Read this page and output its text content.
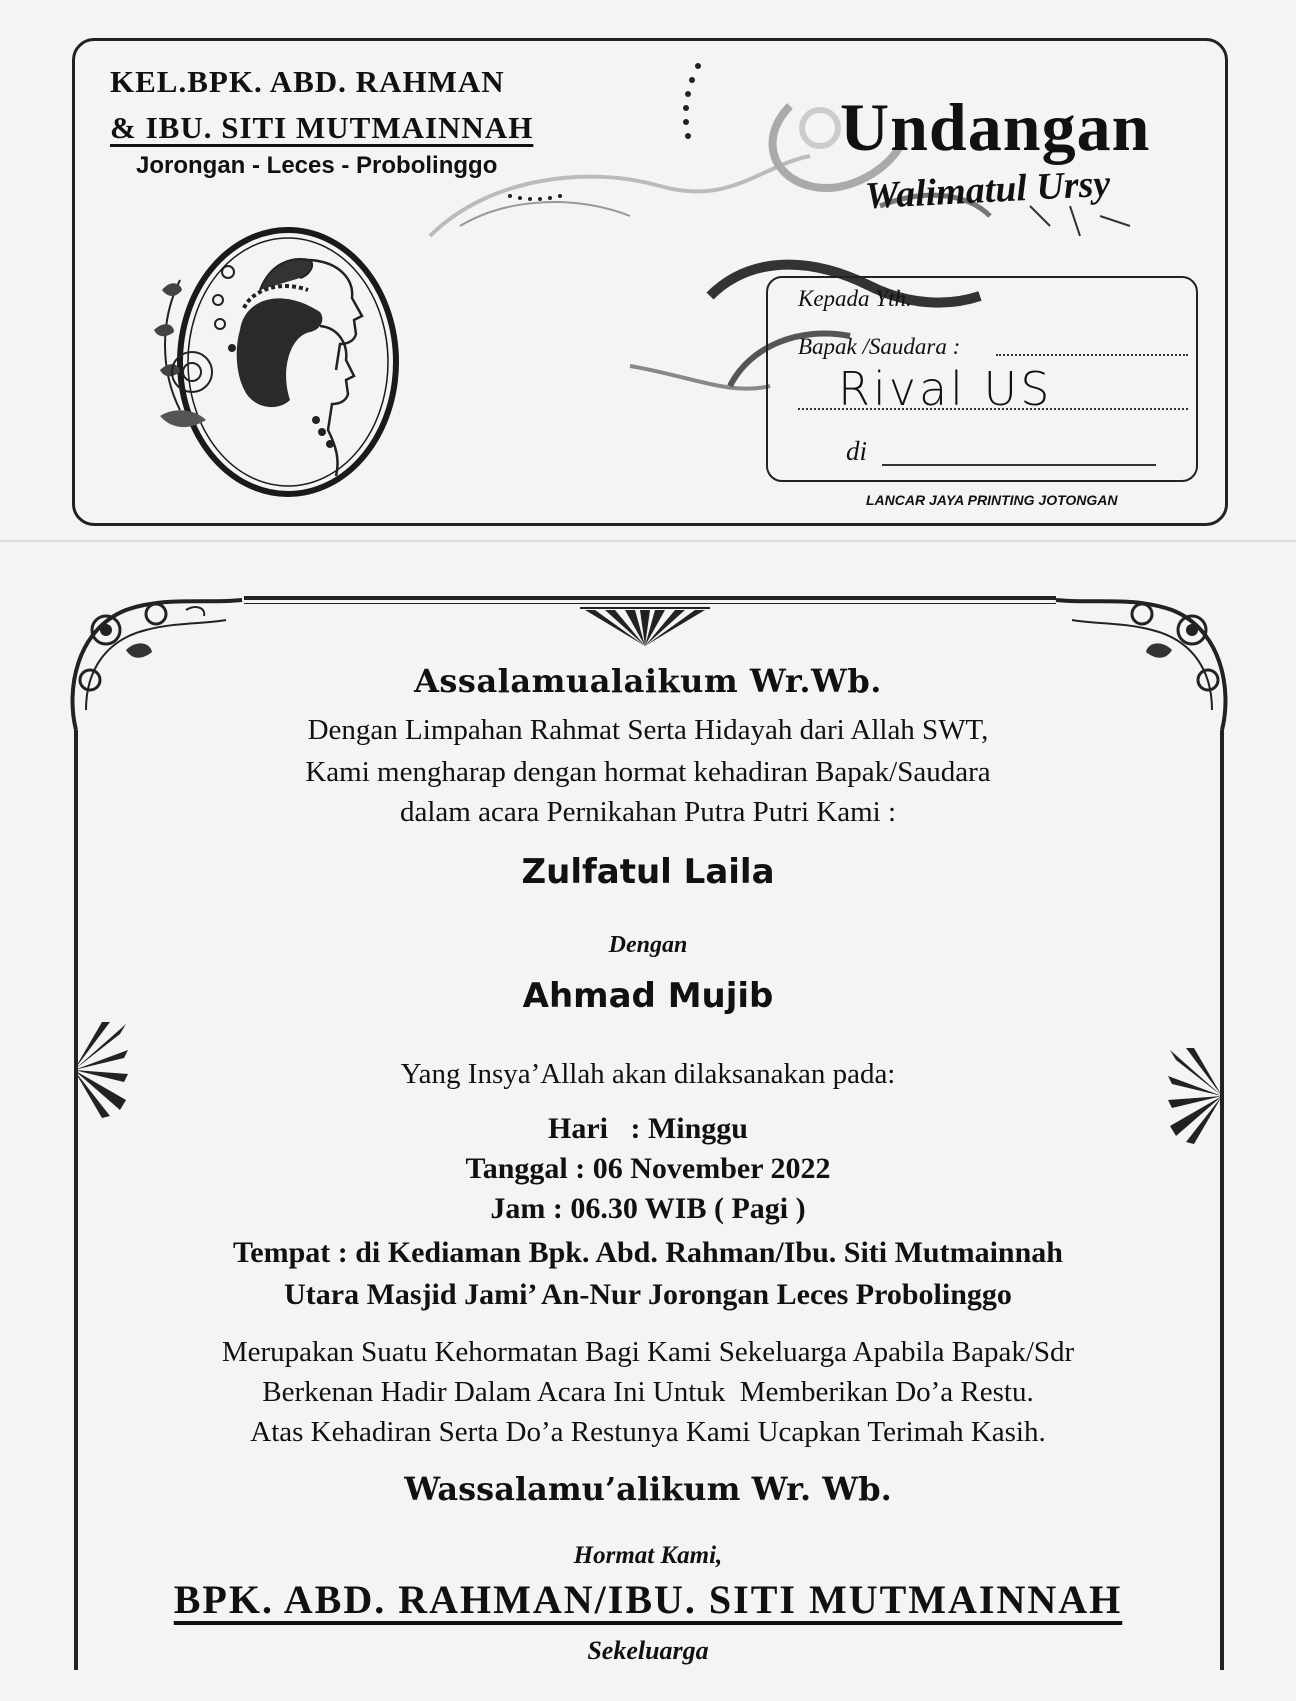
KEL.BPK. ABD. RAHMAN
& IBU. SITI MUTMAINNAH
Jorongan - Leces - Probolinggo
Undangan
Walimatul Ursy
Kepada Yth.
Bapak /Saudara :
Rival US
di
LANCAR JAYA PRINTING JOTONGAN
Assalamualaikum Wr.Wb.
Dengan Limpahan Rahmat Serta Hidayah dari Allah SWT,
Kami mengharap dengan hormat kehadiran Bapak/Saudara
dalam acara Pernikahan Putra Putri Kami :
Zulfatul Laila
Dengan
Ahmad Mujib
Yang Insya’Allah akan dilaksanakan pada:
Hari   : Minggu
Tanggal : 06 November 2022
Jam : 06.30 WIB ( Pagi )
Tempat : di Kediaman Bpk. Abd. Rahman/Ibu. Siti Mutmainnah
Utara Masjid Jami’ An-Nur Jorongan Leces Probolinggo
Merupakan Suatu Kehormatan Bagi Kami Sekeluarga Apabila Bapak/Sdr
Berkenan Hadir Dalam Acara Ini Untuk  Memberikan Do’a Restu.
Atas Kehadiran Serta Do’a Restunya Kami Ucapkan Terimah Kasih.
Wassalamu’alikum Wr. Wb.
Hormat Kami,
BPK. ABD. RAHMAN/IBU. SITI MUTMAINNAH
Sekeluarga
